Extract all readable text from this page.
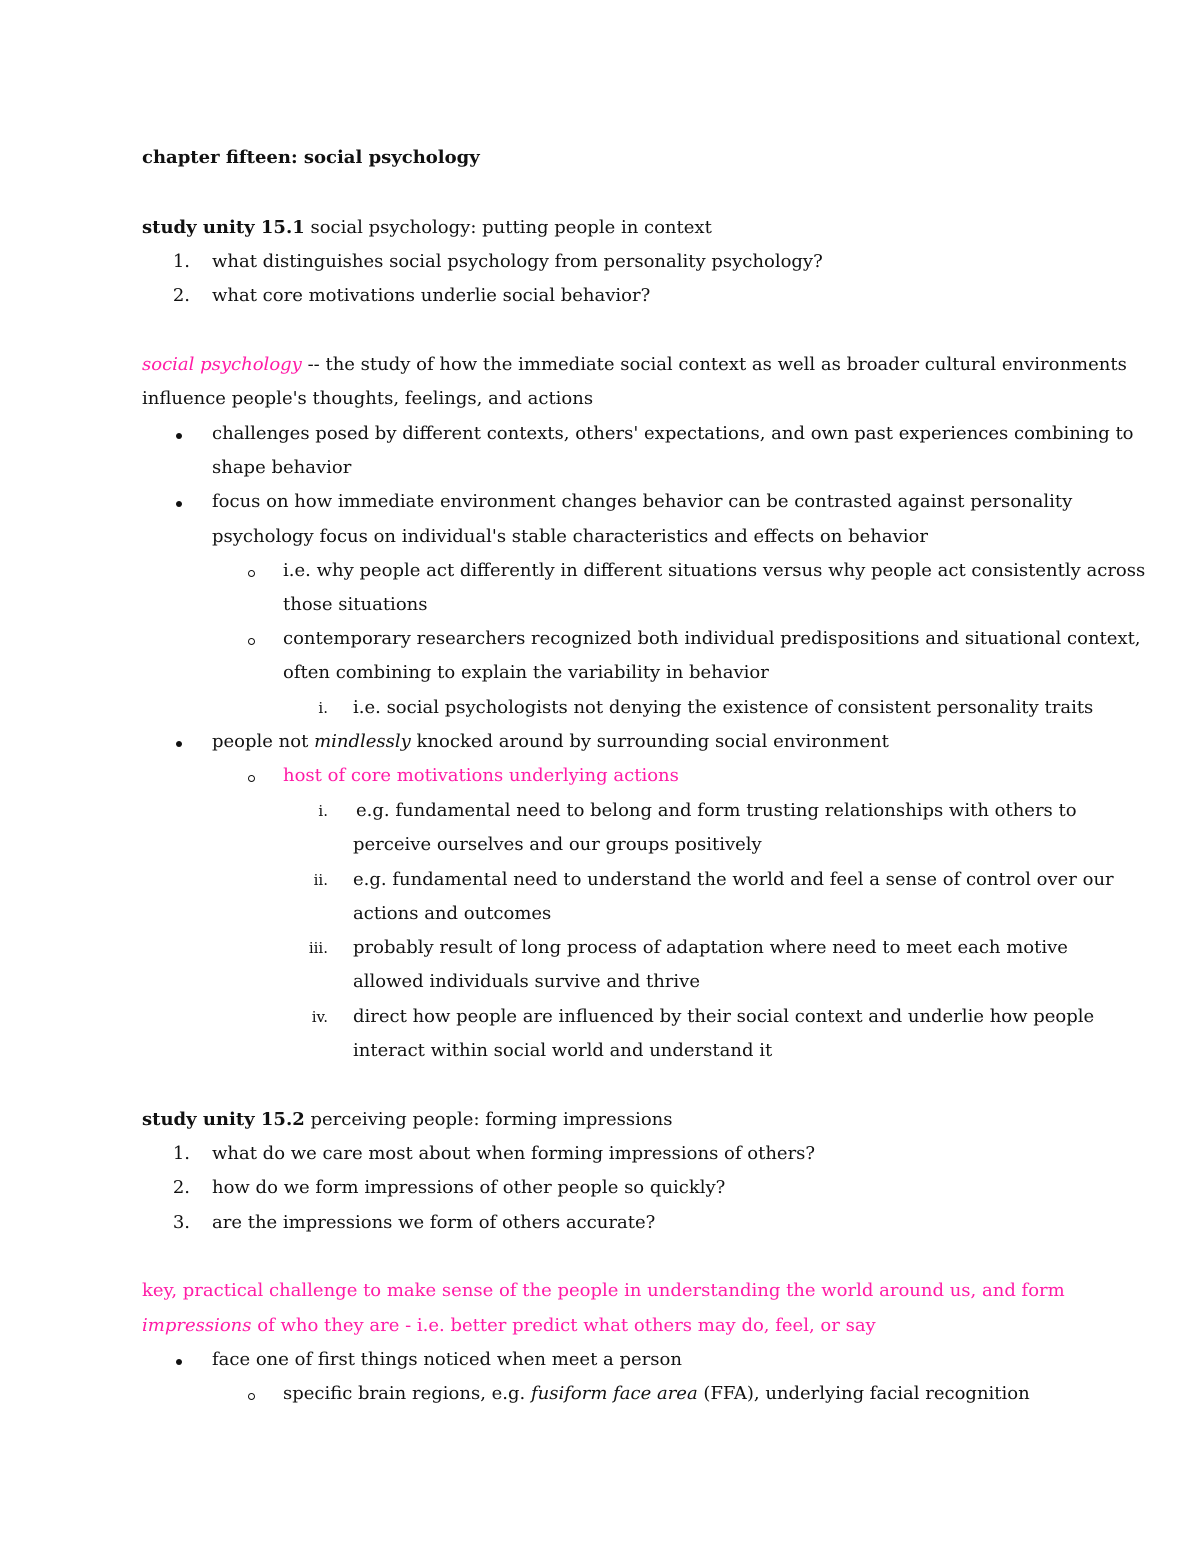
chapter fifteen: social psychology
study unity 15.1 social psychology: putting people in context
1. what distinguishes social psychology from personality psychology?
2. what core motivations underlie social behavior?
social psychology -- the study of how the immediate social context as well as broader cultural environments
influence people's thoughts, feelings, and actions
challenges posed by different contexts, others' expectations, and own past experiences combining to
shape behavior
focus on how immediate environment changes behavior can be contrasted against personality
psychology focus on individual's stable characteristics and effects on behavior
i.e. why people act differently in different situations versus why people act consistently across
those situations
contemporary researchers recognized both individual predispositions and situational context,
often combining to explain the variability in behavior
i. i.e. social psychologists not denying the existence of consistent personality traits
people not mindlessly knocked around by surrounding social environment
host of core motivations underlying actions
i. e.g. fundamental need to belong and form trusting relationships with others to
perceive ourselves and our groups positively
ii. e.g. fundamental need to understand the world and feel a sense of control over our
actions and outcomes
iii. probably result of long process of adaptation where need to meet each motive
allowed individuals survive and thrive
iv. direct how people are influenced by their social context and underlie how people
interact within social world and understand it
study unity 15.2 perceiving people: forming impressions
1. what do we care most about when forming impressions of others?
2. how do we form impressions of other people so quickly?
3. are the impressions we form of others accurate?
key, practical challenge to make sense of the people in understanding the world around us, and form
impressions of who they are - i.e. better predict what others may do, feel, or say
face one of first things noticed when meet a person
specific brain regions, e.g. fusiform face area (FFA), underlying facial recognition
